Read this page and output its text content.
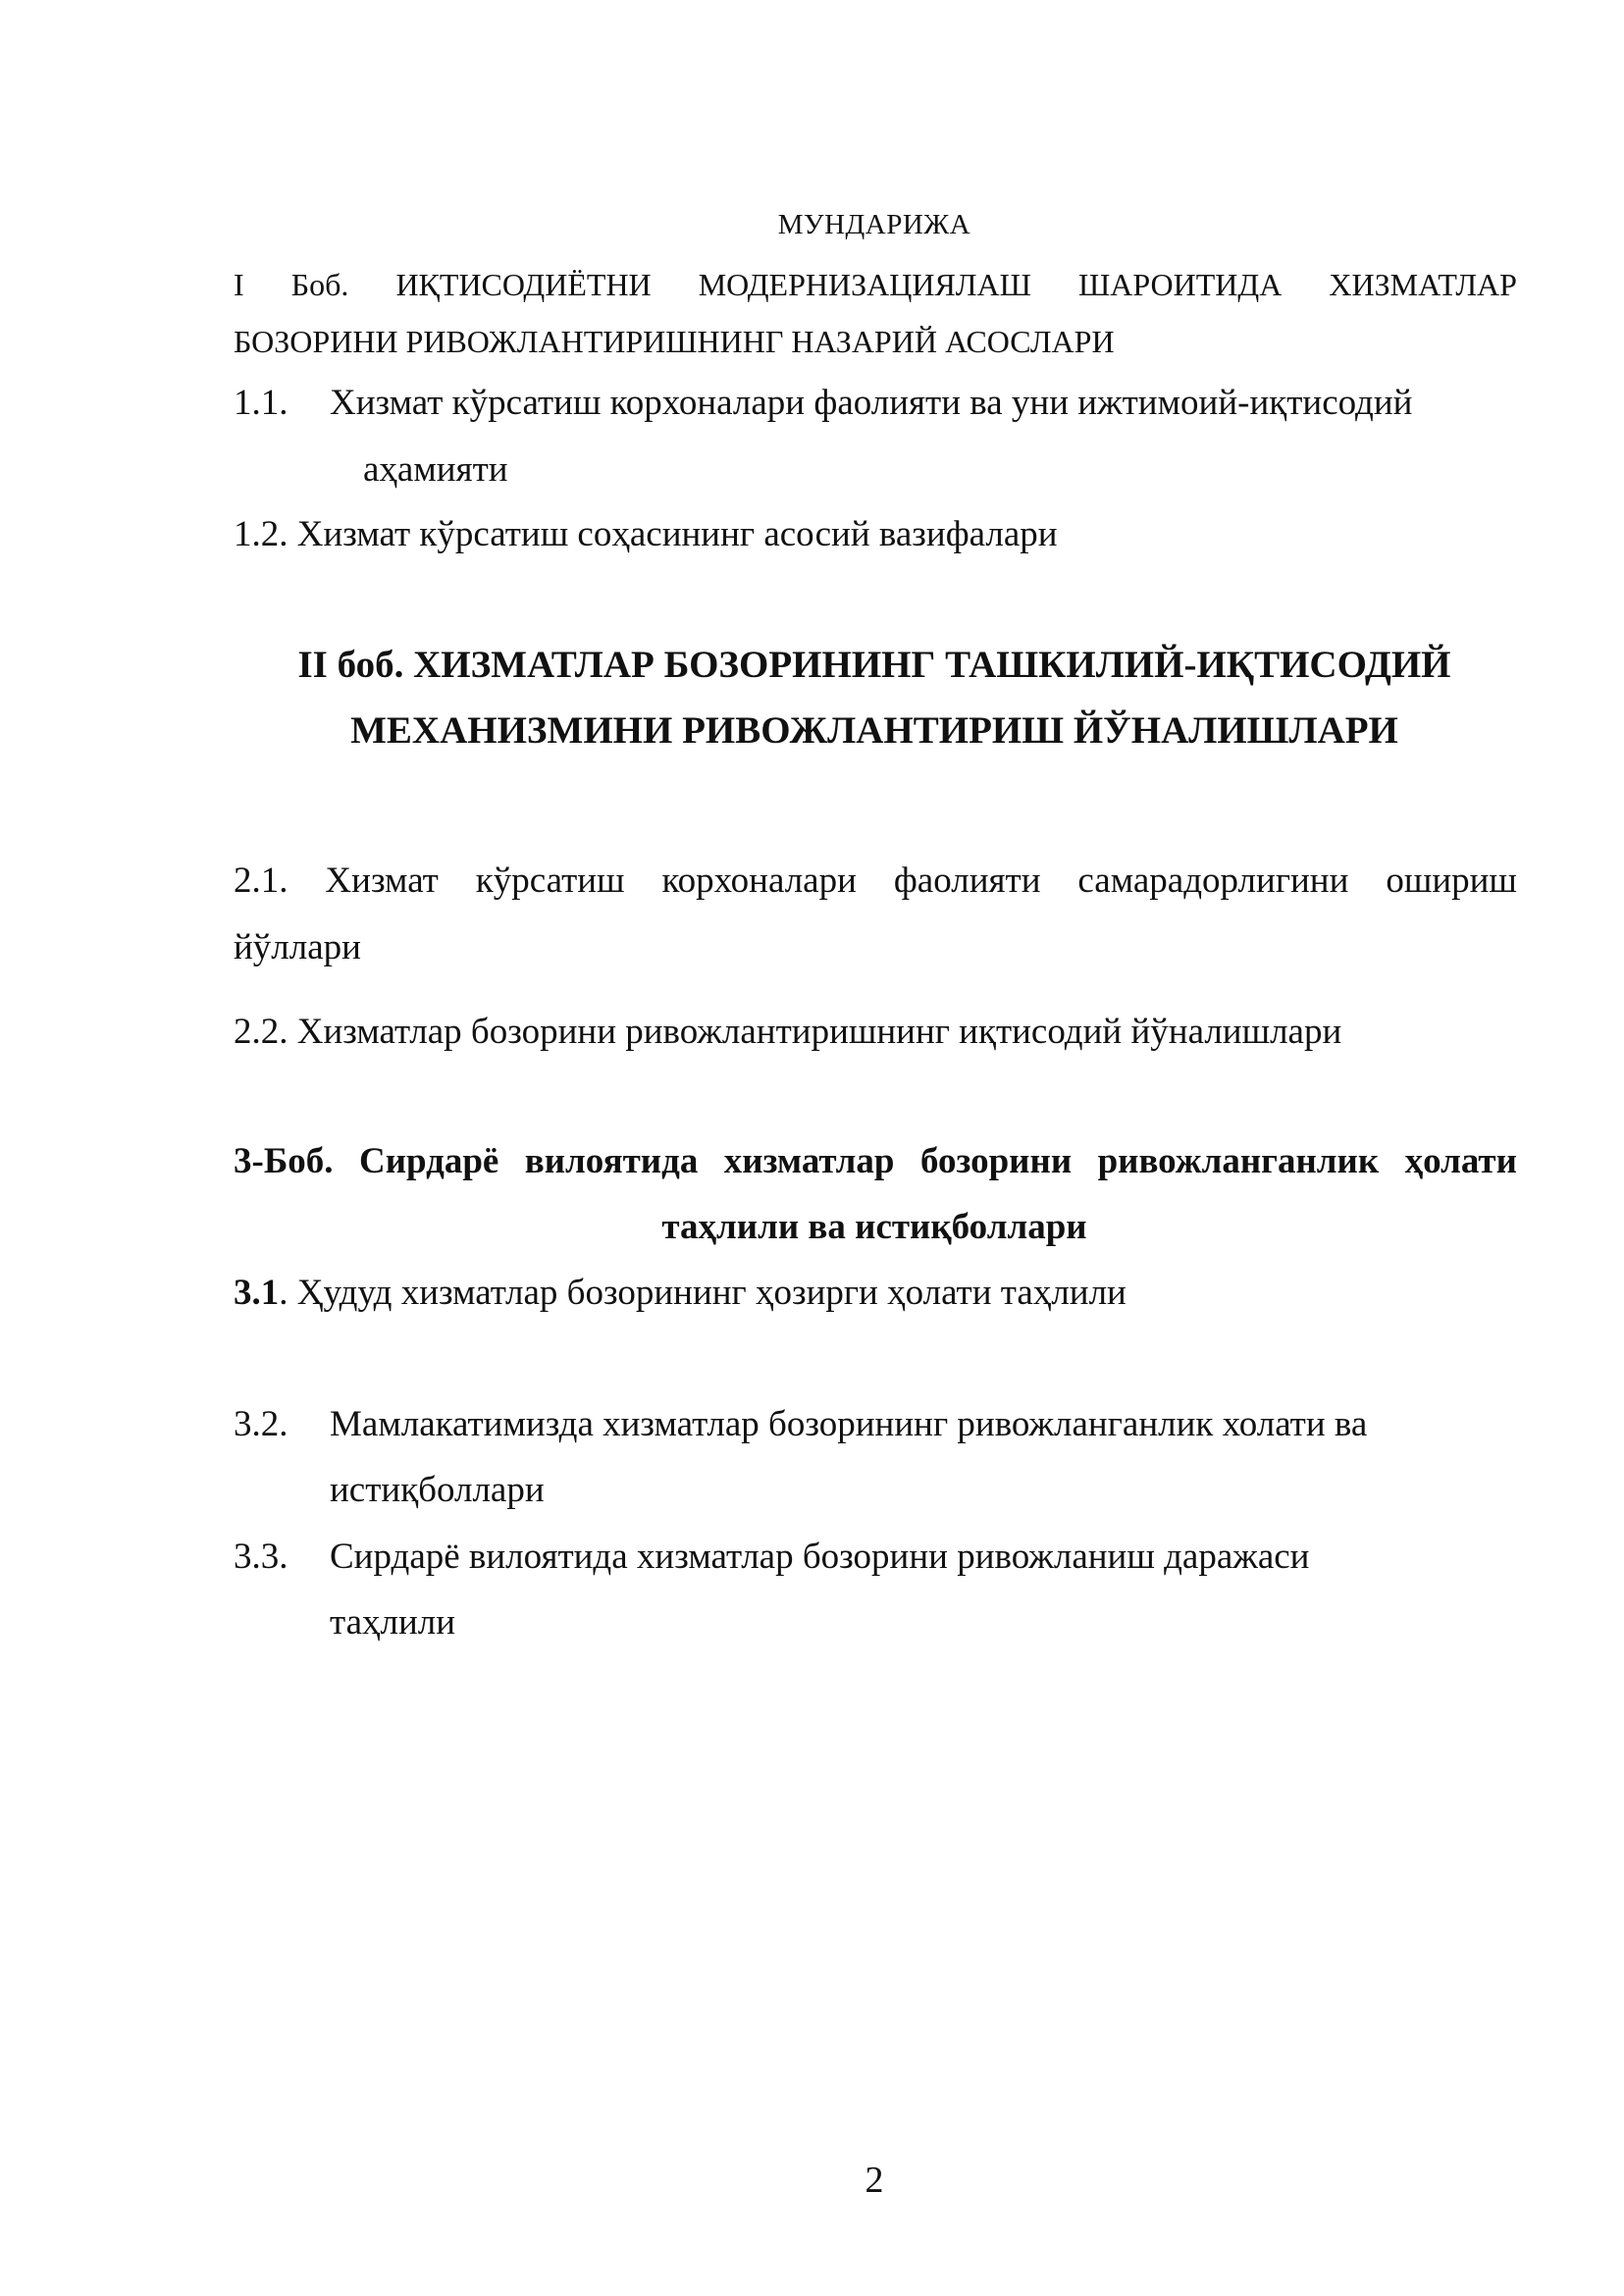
МУНДАРИЖА
I Боб. ИҚТИСОДИЁТНИ МОДЕРНИЗАЦИЯЛАШ ШАРОИТИДА ХИЗМАТЛАР
БОЗОРИНИ РИВОЖЛАНТИРИШНИНГ НАЗАРИЙ АСОСЛАРИ
1.1. Хизмат кўрсатиш корхоналари фаолияти ва уни ижтимоий-иқтисодий
аҳамияти
1.2. Хизмат кўрсатиш соҳасининг асосий вазифалари
II боб. ХИЗМАТЛАР БОЗОРИНИНГ ТАШКИЛИЙ-ИҚТИСОДИЙ
МЕХАНИЗМИНИ РИВОЖЛАНТИРИШ ЙЎНАЛИШЛАРИ
2.1. Хизмат кўрсатиш корхоналари фаолияти самарадорлигини ошириш
йўллари
2.2. Хизматлар бозорини ривожлантиришнинг иқтисодий йўналишлари
3-Боб. Сирдарё вилоятида хизматлар бозорини ривожланганлик ҳолати
таҳлили ва истиқболлари
3.1. Ҳудуд хизматлар бозорининг ҳозирги ҳолати таҳлили
3.2. Мамлакатимизда хизматлар бозорининг ривожланганлик холати ва
истиқболлари
3.3. Сирдарё вилоятида хизматлар бозорини ривожланиш даражаси
таҳлили
2
